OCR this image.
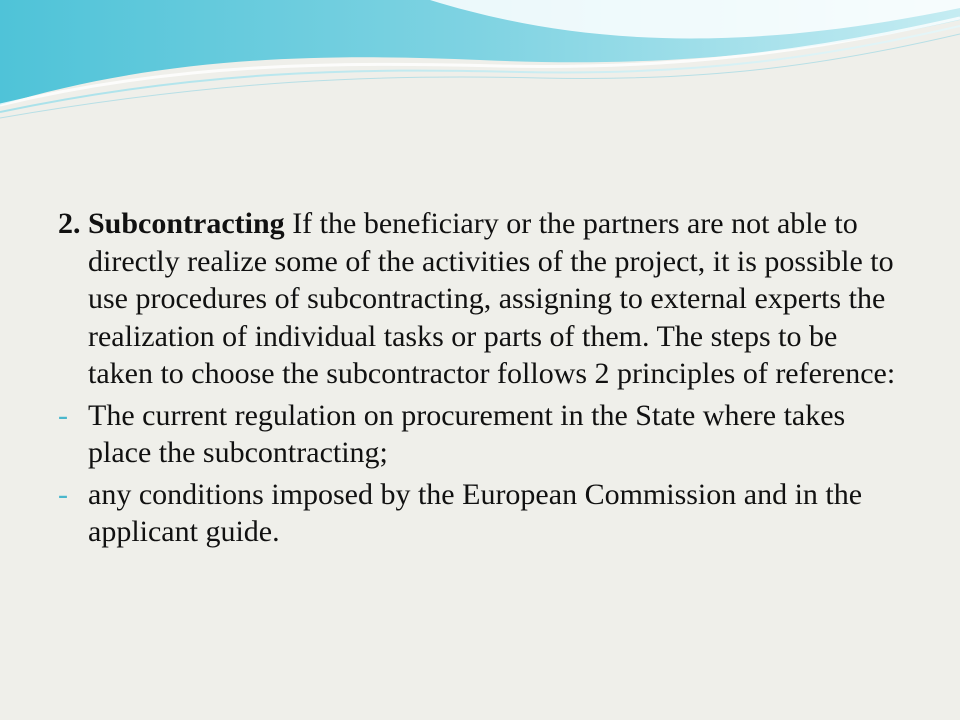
2. Subcontracting If the beneficiary or the partners are not able to directly realize some of the activities of the project, it is possible to use procedures of subcontracting, assigning to external experts the realization of individual tasks or parts of them. The steps to be taken to choose the subcontractor follows 2 principles of reference:

- The current regulation on procurement in the State where takes place the subcontracting;
- any conditions imposed by the European Commission and in the applicant guide.
